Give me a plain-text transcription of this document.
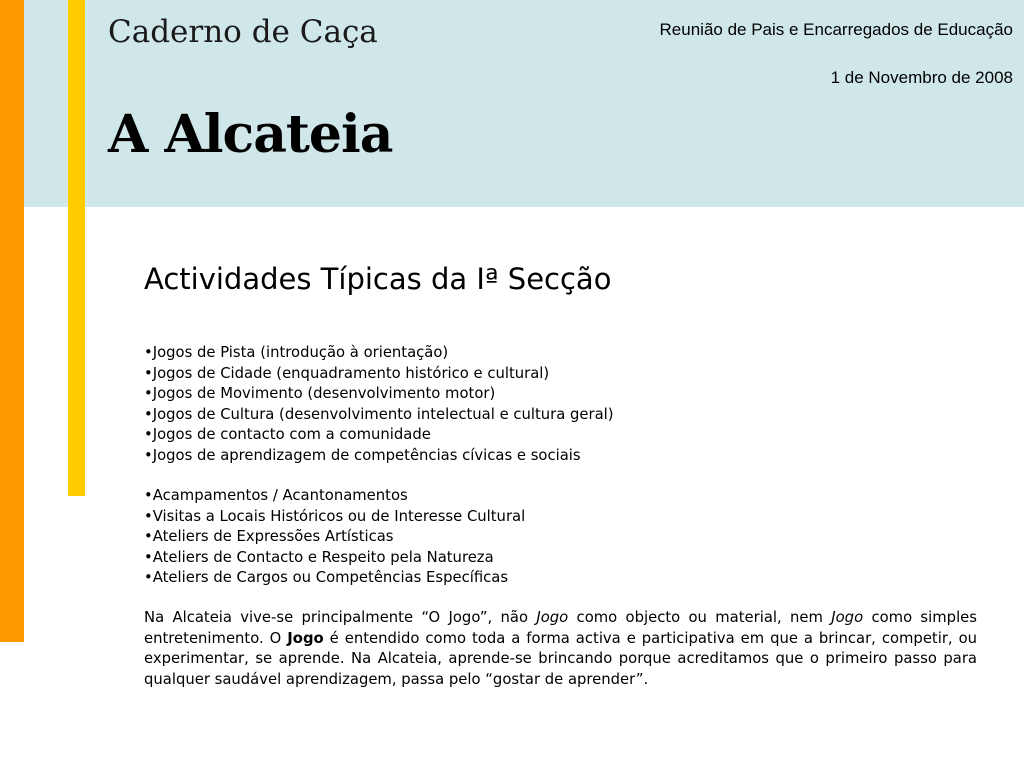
Caderno de Caça	Reunião de Pais e Encarregados de Educação
1 de Novembro de 2008
A Alcateia
Actividades Típicas da Iª Secção
•Jogos de Pista (introdução à orientação)
•Jogos de Cidade (enquadramento histórico e cultural)
•Jogos de Movimento (desenvolvimento motor)
•Jogos de Cultura (desenvolvimento intelectual e cultura geral)
•Jogos de contacto com a comunidade
•Jogos de aprendizagem de competências cívicas e sociais
•Acampamentos / Acantonamentos
•Visitas a Locais Históricos ou de Interesse Cultural
•Ateliers de Expressões Artísticas
•Ateliers de Contacto e Respeito pela Natureza
•Ateliers de Cargos ou Competências Específicas

Na Alcateia vive-se principalmente “O Jogo”, não Jogo como objecto ou material, nem Jogo como simples entretenimento. O Jogo é entendido como toda a forma activa e participativa em que a brincar, competir, ou experimentar, se aprende. Na Alcateia, aprende-se brincando porque acreditamos que o primeiro passo para qualquer saudável aprendizagem, passa pelo “gostar de aprender”.
